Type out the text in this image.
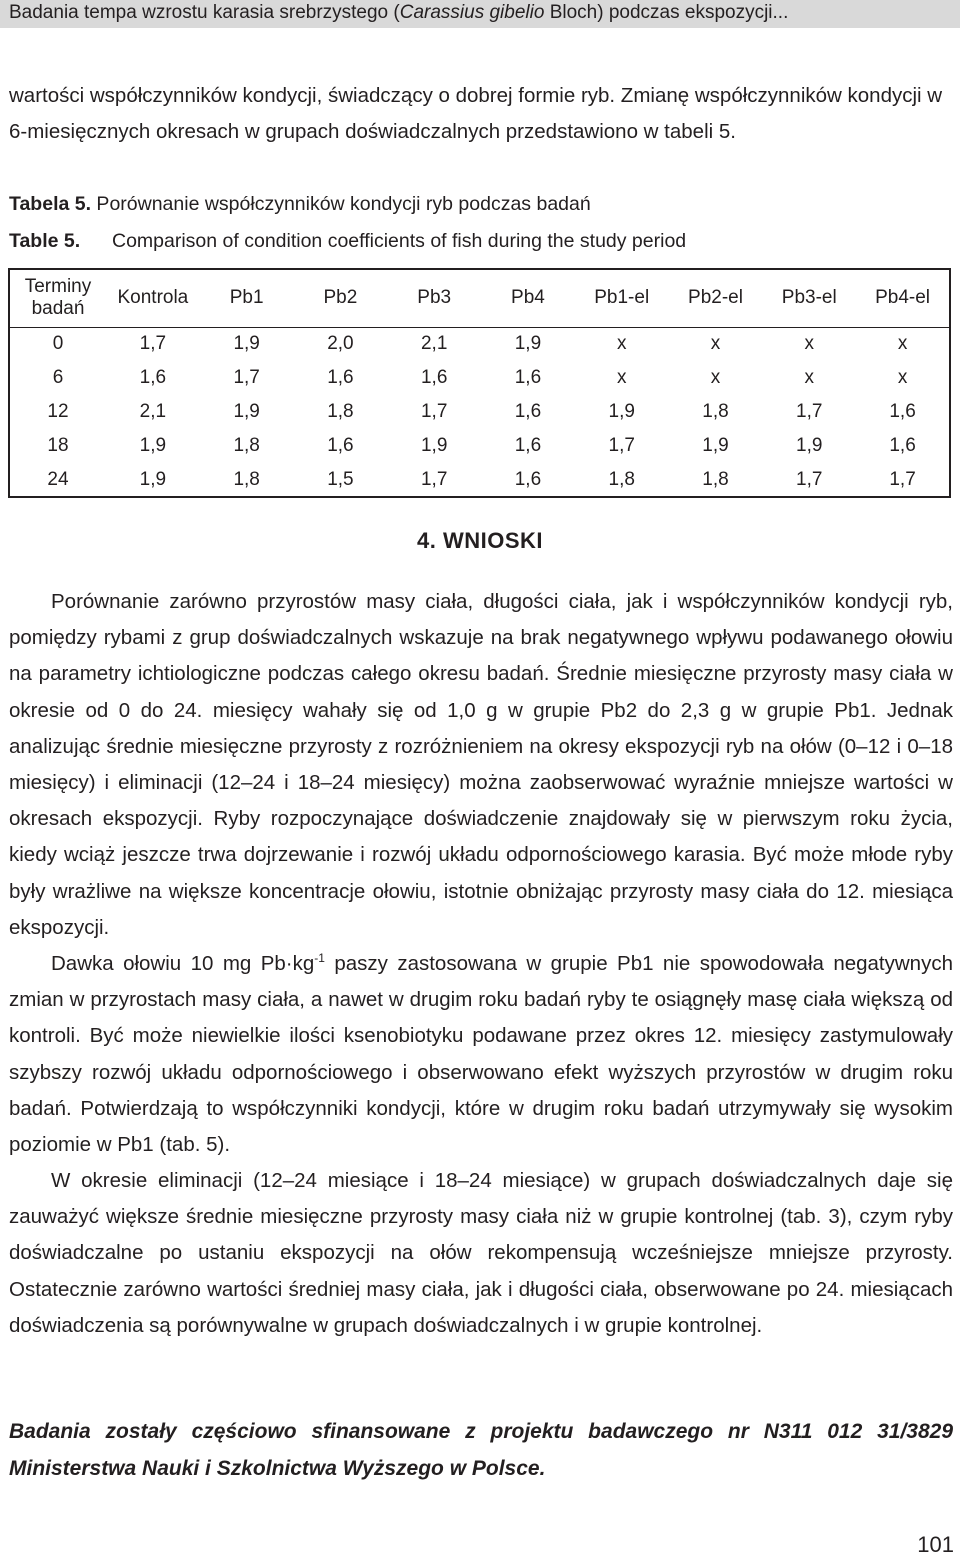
Badania tempa wzrostu karasia srebrzystego (Carassius gibelio Bloch) podczas ekspozycji...

wartości współczynników kondycji, świadczący o dobrej formie ryb. Zmianę współczynników kondycji w 6-miesięcznych okresach w grupach doświadczalnych przedstawiono w tabeli 5.

Tabela 5. Porównanie współczynników kondycji ryb podczas badań

Table 5. Comparison of condition coefficients of fish during the study period

Terminy
badań	Kontrola	Pb1	Pb2	Pb3	Pb4	Pb1-el	Pb2-el	Pb3-el	Pb4-el
0	1,7	1,9	2,0	2,1	1,9	x	x	x	x
6	1,6	1,7	1,6	1,6	1,6	x	x	x	x
12	2,1	1,9	1,8	1,7	1,6	1,9	1,8	1,7	1,6
18	1,9	1,8	1,6	1,9	1,6	1,7	1,9	1,9	1,6
24	1,9	1,8	1,5	1,7	1,6	1,8	1,8	1,7	1,7
4. WNIOSKI

Porównanie zarówno przyrostów masy ciała, długości ciała, jak i współczynników kondycji ryb, pomiędzy rybami z grup doświadczalnych wskazuje na brak negatywnego wpływu podawanego ołowiu na parametry ichtiologiczne podczas całego okresu badań. Średnie miesięczne przyrosty masy ciała w okresie od 0 do 24. miesięcy wahały się od 1,0 g w grupie Pb2 do 2,3 g w grupie Pb1. Jednak analizując średnie miesięczne przyrosty z rozróżnieniem na okresy ekspozycji ryb na ołów (0–12 i 0–18 miesięcy) i eliminacji (12–24 i 18–24 miesięcy) można zaobserwować wyraźnie mniejsze wartości w okresach ekspozycji. Ryby rozpoczynające doświadczenie znajdowały się w pierwszym roku życia, kiedy wciąż jeszcze trwa dojrzewanie i rozwój układu odpornościowego karasia. Być może młode ryby były wrażliwe na większe koncentracje ołowiu, istotnie obniżając przyrosty masy ciała do 12. miesiąca ekspozycji.

Dawka ołowiu 10 mg $Pb\cdot kg^{-1}$ paszy zastosowana w grupie Pb1 nie spowodowała negatywnych zmian w przyrostach masy ciała, a nawet w drugim roku badań ryby te osiągnęły masę ciała większą od kontroli. Być może niewielkie ilości ksenobiotyku podawane przez okres 12. miesięcy zastymulowały szybszy rozwój układu odpornościowego i obserwowano efekt wyższych przyrostów w drugim roku badań. Potwierdzają to współczynniki kondycji, które w drugim roku badań utrzymywały się wysokim poziomie w Pb1 (tab. 5).

W okresie eliminacji (12–24 miesiące i 18–24 miesiące) w grupach doświadczalnych daje się zauważyć większe średnie miesięczne przyrosty masy ciała niż w grupie kontrolnej (tab. 3), czym ryby doświadczalne po ustaniu ekspozycji na ołów rekompensują wcześniejsze mniejsze przyrosty. Ostatecznie zarówno wartości średniej masy ciała, jak i długości ciała, obserwowane po 24. miesiącach doświadczenia są porównywalne w grupach doświadczalnych i w grupie kontrolnej.

Badania zostały częściowo sfinansowane z projektu badawczego nr N311 012 31/3829 Ministerstwa Nauki i Szkolnictwa Wyższego w Polsce.

101
